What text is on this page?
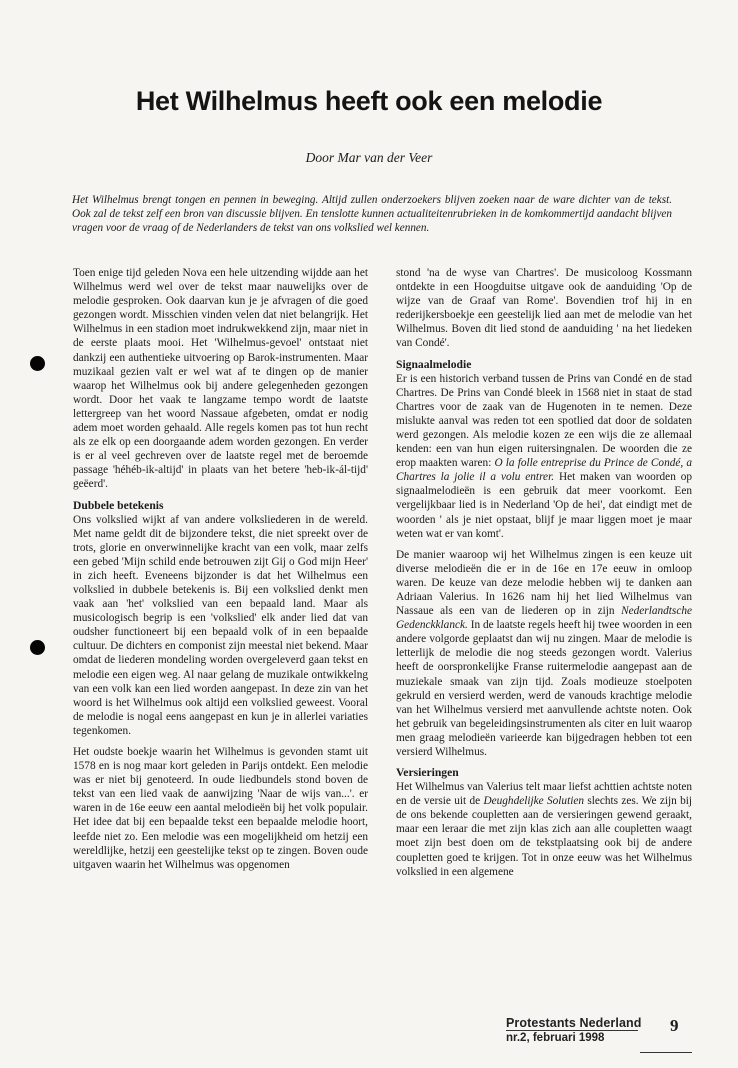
Het Wilhelmus heeft ook een melodie
Door Mar van der Veer
Het Wilhelmus brengt tongen en pennen in beweging. Altijd zullen onderzoekers blijven zoeken naar de ware dichter van de tekst. Ook zal de tekst zelf een bron van discussie blijven. En tenslotte kunnen actualiteitenrubrieken in de komkommertijd aandacht blijven vragen voor de vraag of de Nederlanders de tekst van ons volkslied wel kennen.

Toen enige tijd geleden Nova een hele uitzending wijdde aan het Wilhelmus werd wel over de tekst maar nauwelijks over de melodie gesproken. Ook daarvan kun je je afvragen of die goed gezongen wordt. Misschien vinden velen dat niet belangrijk. Het Wilhelmus in een stadion moet indrukwekkend zijn, maar niet in de eerste plaats mooi. Het 'Wilhelmus-gevoel' ontstaat niet dankzij een authentieke uitvoering op Barok-instrumenten. Maar muzikaal gezien valt er wel wat af te dingen op de manier waarop het Wilhelmus ook bij andere gelegenheden gezongen wordt. Door het vaak te langzame tempo wordt de laatste lettergreep van het woord Nassaue afgebeten, omdat er nodig adem moet worden gehaald. Alle regels komen pas tot hun recht als ze elk op een doorgaande adem worden gezongen. En verder is er al veel gechreven over de laatste regel met de beroemde passage 'héhéb-ik-altijd' in plaats van het betere 'heb-ik-ál-tijd' geëerd'.

Dubbele betekenis

Ons volkslied wijkt af van andere volksliederen in de wereld. Met name geldt dit de bijzondere tekst, die niet spreekt over de trots, glorie en onverwinnelijke kracht van een volk, maar zelfs een gebed 'Mijn schild ende betrouwen zijt Gij o God mijn Heer' in zich heeft. Eveneens bijzonder is dat het Wilhelmus een volkslied in dubbele betekenis is. Bij een volkslied denkt men vaak aan 'het' volkslied van een bepaald land. Maar als musicologisch begrip is een 'volkslied' elk ander lied dat van oudsher functioneert bij een bepaald volk of in een bepaalde cultuur. De dichters en componist zijn meestal niet bekend. Maar omdat de liederen mondeling worden overgeleverd gaan tekst en melodie een eigen weg. Al naar gelang de muzikale ontwikkelng van een volk kan een lied worden aangepast. In deze zin van het woord is het Wilhelmus ook altijd een volkslied geweest. Vooral de melodie is nogal eens aangepast en kun je in allerlei variaties tegenkomen.

Het oudste boekje waarin het Wilhelmus is gevonden stamt uit 1578 en is nog maar kort geleden in Parijs ontdekt. Een melodie was er niet bij genoteerd. In oude liedbundels stond boven de tekst van een lied vaak de aanwijzing 'Naar de wijs van...'. er waren in de 16e eeuw een aantal melodieën bij het volk populair. Het idee dat bij een bepaalde tekst een bepaalde melodie hoort, leefde niet zo. Een melodie was een mogelijkheid om hetzij een wereldlijke, hetzij een geestelijke tekst op te zingen. Boven oude uitgaven waarin het Wilhelmus was opgenomen

stond 'na de wyse van Chartres'. De musicoloog Kossmann ontdekte in een Hoogduitse uitgave ook de aanduiding 'Op de wijze van de Graaf van Rome'. Bovendien trof hij in en rederijkersboekje een geestelijk lied aan met de melodie van het Wilhelmus. Boven dit lied stond de aanduiding ' na het liedeken van Condé'.

Signaalmelodie

Er is een historich verband tussen de Prins van Condé en de stad Chartres. De Prins van Condé bleek in 1568 niet in staat de stad Chartres voor de zaak van de Hugenoten in te nemen. Deze mislukte aanval was reden tot een spotlied dat door de soldaten werd gezongen. Als melodie kozen ze een wijs die ze allemaal kenden: een van hun eigen ruitersingnalen. De woorden die ze erop maakten waren: O la folle entreprise du Prince de Condé, a Chartres la jolie il a volu entrer. Het maken van woorden op signaalmelodieën is een gebruik dat meer voorkomt. Een vergelijkbaar lied is in Nederland 'Op de hei', dat eindigt met de woorden ' als je niet opstaat, blijf je maar liggen moet je maar weten wat er van komt'.

De manier waaroop wij het Wilhelmus zingen is een keuze uit diverse melodieën die er in de 16e en 17e eeuw in omloop waren. De keuze van deze melodie hebben wij te danken aan Adriaan Valerius. In 1626 nam hij het lied Wilhelmus van Nassaue als een van de liederen op in zijn Nederlandtsche Gedenckklanck. In de laatste regels heeft hij twee woorden in een andere volgorde geplaatst dan wij nu zingen. Maar de melodie is letterlijk de melodie die nog steeds gezongen wordt. Valerius heeft de oorspronkelijke Franse ruitermelodie aangepast aan de muziekale smaak van zijn tijd. Zoals modieuze stoelpoten gekruld en versierd werden, werd de vanouds krachtige melodie van het Wilhelmus versierd met aanvullende achtste noten. Ook het gebruik van begeleidingsinstrumenten als citer en luit waarop men graag melodieën varieerde kan bijgedragen hebben tot een versierd Wilhelmus.

Versieringen

Het Wilhelmus van Valerius telt maar liefst achttien achtste noten en de versie uit de Deughdelijke Solutien slechts zes. We zijn bij de ons bekende coupletten aan de versieringen gewend geraakt, maar een leraar die met zijn klas zich aan alle coupletten waagt moet zijn best doen om de tekstplaatsing ook bij de andere coupletten goed te krijgen. Tot in onze eeuw was het Wilhelmus volkslied in een algemene

Protestants Nederland
nr.2, februari 1998
9
